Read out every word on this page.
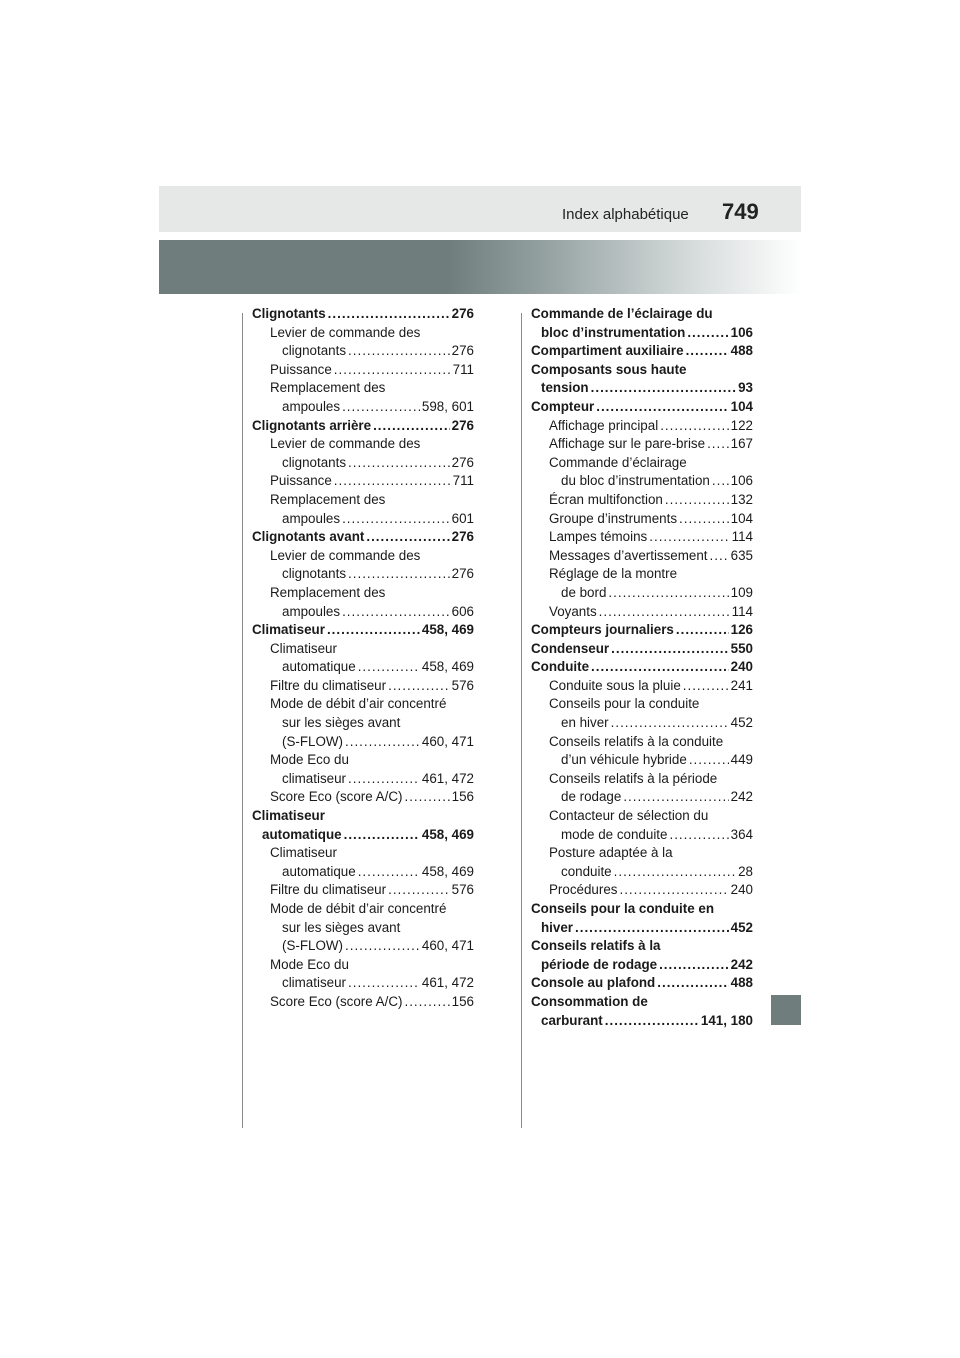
Index alphabétique 749
Clignotants .....	276
Levier de commande des
clignotants .....	276
Puissance .....	711
Remplacement des
ampoules .....	598, 601
Clignotants arrière .....	276
Levier de commande des
clignotants .....	276
Puissance .....	711
Remplacement des
ampoules .....	601
Clignotants avant .....	276
Levier de commande des
clignotants .....	276
Remplacement des
ampoules .....	606
Climatiseur .....	458, 469
Climatiseur
automatique .....	458, 469
Filtre du climatiseur .....	576
Mode de débit d’air concentré
sur les sièges avant
(S-FLOW) .....	460, 471
Mode Eco du
climatiseur .....	461, 472
Score Eco (score A/C) .....	156
Climatiseur
automatique .....	458, 469
Climatiseur
automatique .....	458, 469
Filtre du climatiseur .....	576
Mode de débit d’air concentré
sur les sièges avant
(S-FLOW) .....	460, 471
Mode Eco du
climatiseur .....	461, 472
Score Eco (score A/C) .....	156
Commande de l’éclairage du
bloc d’instrumentation .....	106
Compartiment auxiliaire .....	488
Composants sous haute
tension .....	93
Compteur .....	104
Affichage principal .....	122
Affichage sur le pare-brise ..... 167
Commande d’éclairage
du bloc d’instrumentation ..... 106
Écran multifonction .....	132
Groupe d’instruments .....	104
Lampes témoins .....	114
Messages d’avertissement ..... 635
Réglage de la montre
de bord .....	109
Voyants .....	114
Compteurs journaliers .....	126
Condenseur .....	550
Conduite .....	240
Conduite sous la pluie .....	241
Conseils pour la conduite
en hiver .....	452
Conseils relatifs à la conduite
d’un véhicule hybride .....	449
Conseils relatifs à la période
de rodage .....	242
Contacteur de sélection du
mode de conduite .....	364
Posture adaptée à la
conduite .....	28
Procédures .....	240
Conseils pour la conduite en
hiver .....	452
Conseils relatifs à la
période de rodage .....	242
Console au plafond .....	488
Consommation de
carburant .....	141, 180
